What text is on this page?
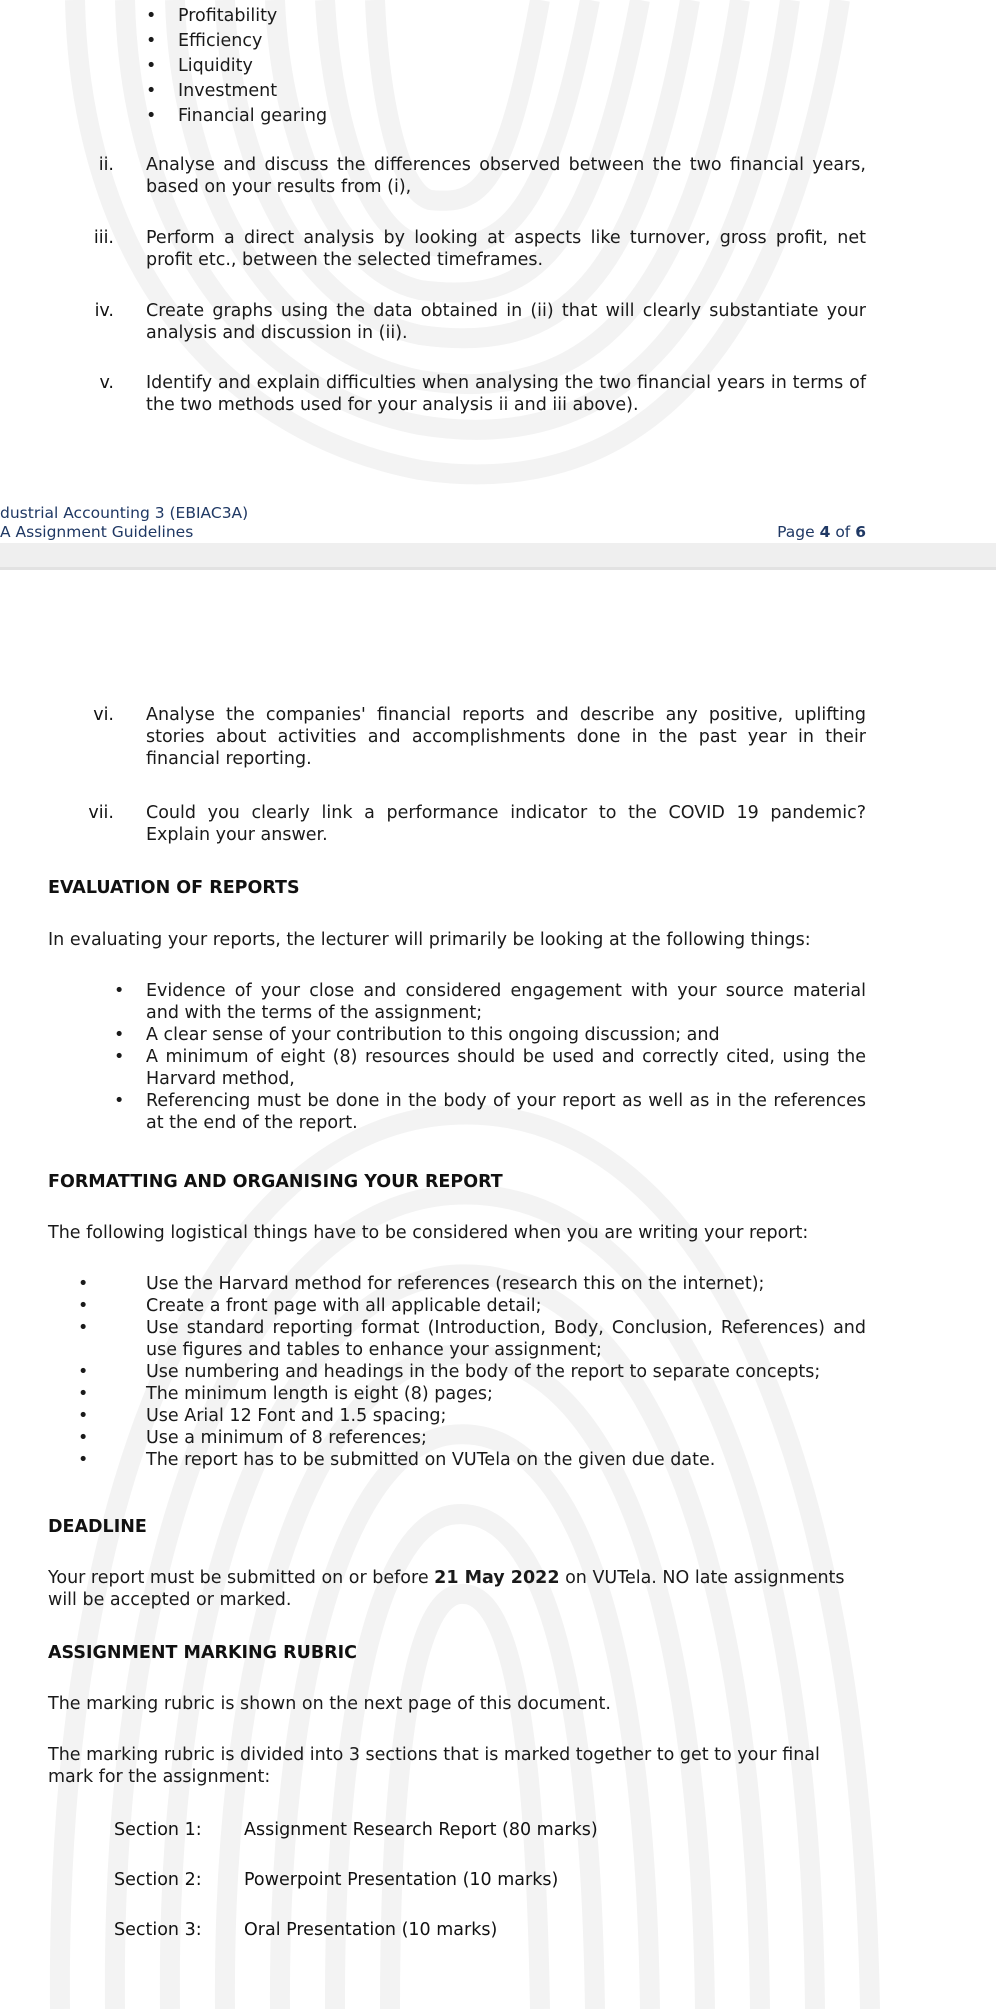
• Profitability
• Efficiency
• Liquidity
• Investment
• Financial gearing
ii. Analyse and discuss the differences observed between the two financial years, based on your results from (i),

iii. Perform a direct analysis by looking at aspects like turnover, gross profit, net profit etc., between the selected timeframes.

iv. Create graphs using the data obtained in (ii) that will clearly substantiate your analysis and discussion in (ii).

v. Identify and explain difficulties when analysing the two financial years in terms of the two methods used for your analysis ii and iii above).

dustrial Accounting 3 (EBIAC3A)
A Assignment Guidelines	Page 4 of 6
vi. Analyse the companies' financial reports and describe any positive, uplifting stories about activities and accomplishments done in the past year in their financial reporting.

vii. Could you clearly link a performance indicator to the COVID 19 pandemic? Explain your answer.

EVALUATION OF REPORTS

In evaluating your reports, the lecturer will primarily be looking at the following things:

• Evidence of your close and considered engagement with your source material and with the terms of the assignment;

• A clear sense of your contribution to this ongoing discussion; and

• A minimum of eight (8) resources should be used and correctly cited, using the Harvard method,

• Referencing must be done in the body of your report as well as in the references at the end of the report.

FORMATTING AND ORGANISING YOUR REPORT

The following logistical things have to be considered when you are writing your report:

•	Use the Harvard method for references (research this on the internet);

•	Create a front page with all applicable detail;

•	Use standard reporting format (Introduction, Body, Conclusion, References) and use figures and tables to enhance your assignment;

•	Use numbering and headings in the body of the report to separate concepts;

•	The minimum length is eight (8) pages;

•	Use Arial 12 Font and 1.5 spacing;

•	Use a minimum of 8 references;

•	The report has to be submitted on VUTela on the given due date.

DEADLINE

Your report must be submitted on or before 21 May 2022 on VUTela. NO late assignments will be accepted or marked.

ASSIGNMENT MARKING RUBRIC

The marking rubric is shown on the next page of this document.

The marking rubric is divided into 3 sections that is marked together to get to your final mark for the assignment:

Section 1: Assignment Research Report (80 marks)
Section 2: Powerpoint Presentation (10 marks)
Section 3: Oral Presentation (10 marks)
